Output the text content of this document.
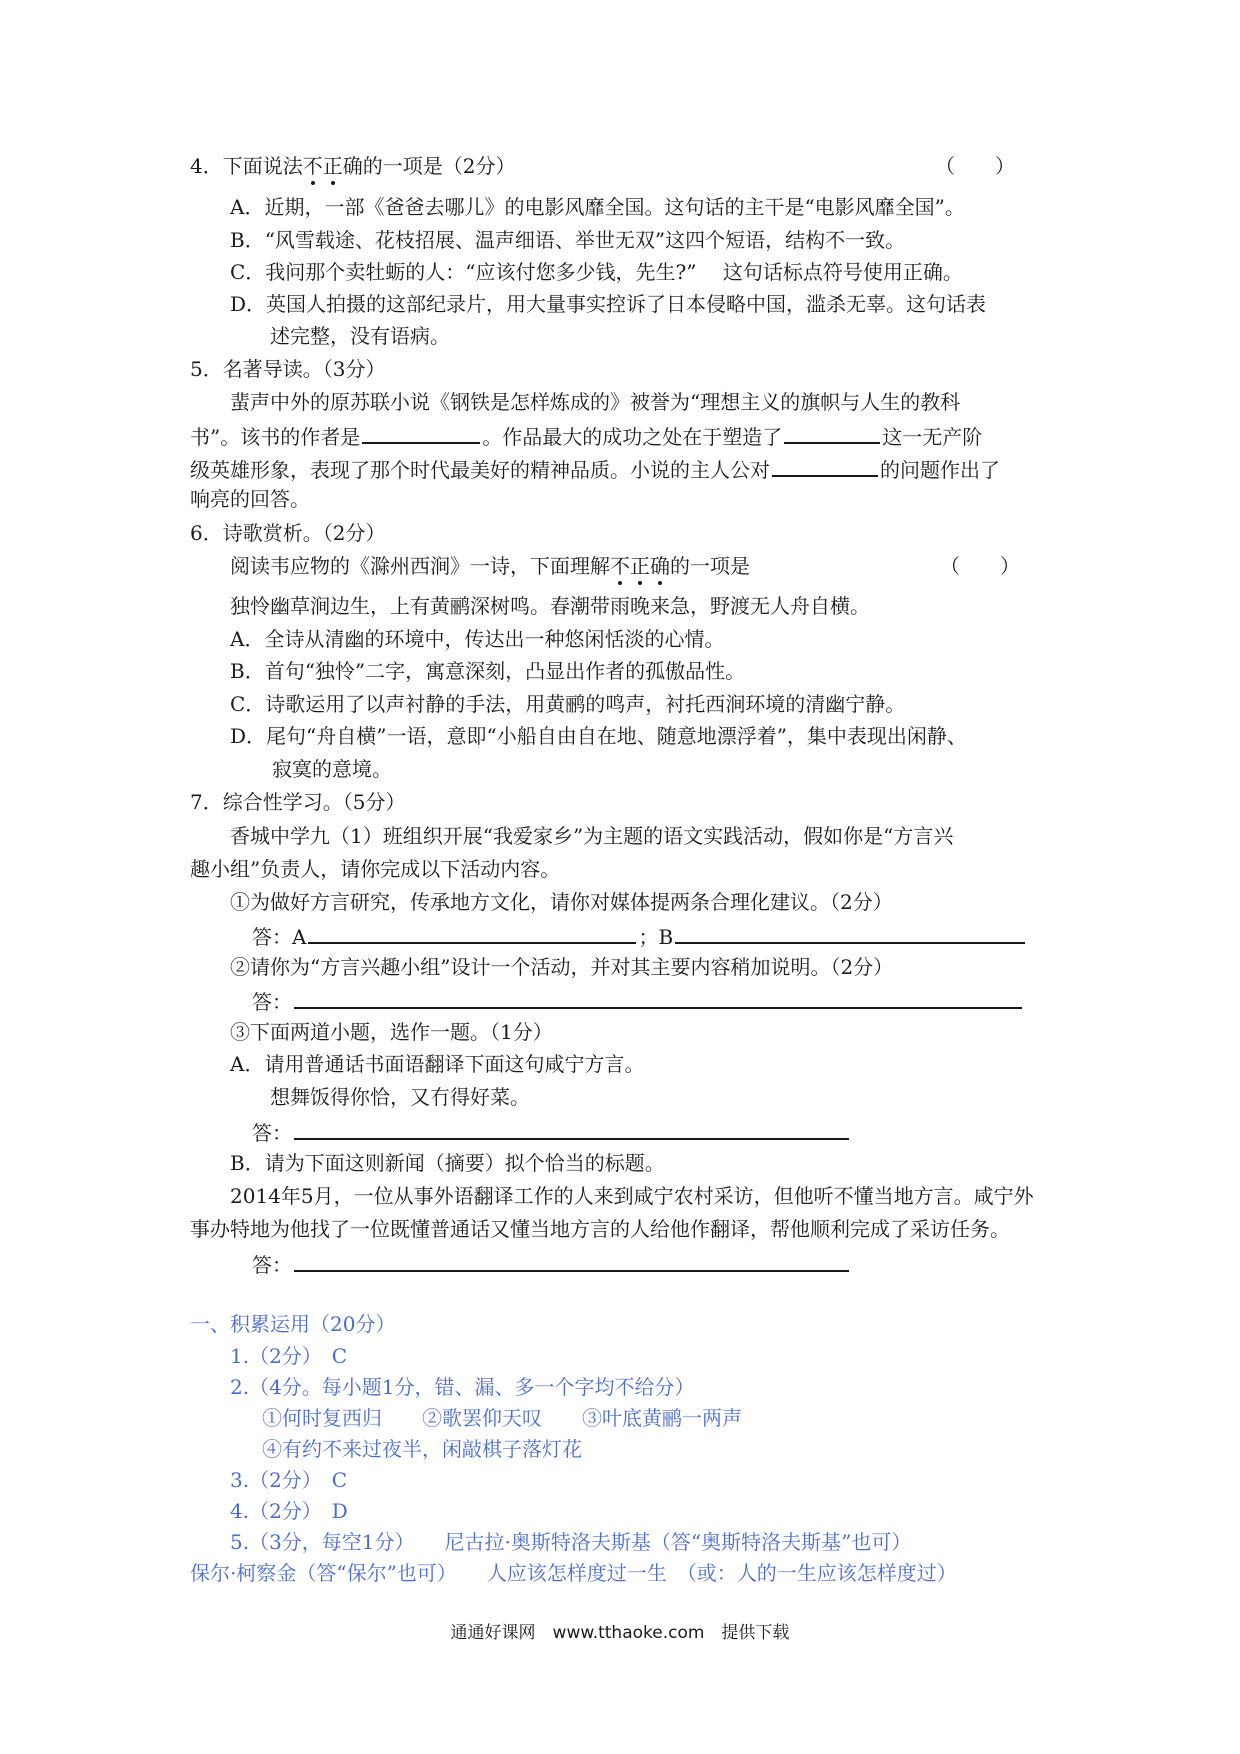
4．下面说法不正确的一项是（2分）	（　　）
A．近期，一部《爸爸去哪儿》的电影风靡全国。这句话的主干是“电影风靡全国”。
B．“风雪载途、花枝招展、温声细语、举世无双”这四个短语，结构不一致。
C．我问那个卖牡蛎的人：“应该付您多少钱，先生?”　 这句话标点符号使用正确。
D．英国人拍摄的这部纪录片，用大量事实控诉了日本侵略中国，滥杀无辜。这句话表
述完整，没有语病。
5．名著导读。（3分）
蜚声中外的原苏联小说《钢铁是怎样炼成的》被誉为“理想主义的旗帜与人生的教科
书”。该书的作者是	。作品最大的成功之处在于塑造了	这一无产阶
级英雄形象，表现了那个时代最美好的精神品质。小说的主人公对	的问题作出了
响亮的回答。
6．诗歌赏析。（2分）
阅读韦应物的《滁州西涧》一诗，下面理解不正确的一项是	（　　）
独怜幽草涧边生，上有黄鹂深树鸣。春潮带雨晚来急，野渡无人舟自横。
A．全诗从清幽的环境中，传达出一种悠闲恬淡的心情。
B．首句“独怜”二字，寓意深刻，凸显出作者的孤傲品性。
C．诗歌运用了以声衬静的手法，用黄鹂的鸣声，衬托西涧环境的清幽宁静。
D．尾句“舟自横”一语，意即“小船自由自在地、随意地漂浮着”，集中表现出闲静、
寂寞的意境。
7．综合性学习。（5分）
香城中学九（1）班组织开展“我爱家乡”为主题的语文实践活动，假如你是“方言兴
趣小组”负责人，请你完成以下活动内容。
①为做好方言研究，传承地方文化，请你对媒体提两条合理化建议。（2分）
答：A	；B
②请你为“方言兴趣小组”设计一个活动，并对其主要内容稍加说明。（2分）
答：
③下面两道小题，选作一题。（1分）
A．请用普通话书面语翻译下面这句咸宁方言。
想舞饭得你恰，又冇得好菜。
答：
B．请为下面这则新闻（摘要）拟个恰当的标题。
2014年5月，一位从事外语翻译工作的人来到咸宁农村采访，但他听不懂当地方言。咸宁外
事办特地为他找了一位既懂普通话又懂当地方言的人给他作翻译，帮他顺利完成了采访任务。
答：
一、积累运用（20分）
1.（2分）　C
2.（4分。每小题1分，错、漏、多一个字均不给分）
①何时复西归　　②歌罢仰天叹　　③叶底黄鹂一两声
④有约不来过夜半，闲敲棋子落灯花
3.（2分）　C
4.（2分）　D
5.（3分，每空1分）　　尼古拉·奥斯特洛夫斯基（答“奥斯特洛夫斯基”也可）
保尔·柯察金（答“保尔”也可）　　人应该怎样度过一生　（或：人的一生应该怎样度过）
通通好课网　www.tthaoke.com　提供下载
